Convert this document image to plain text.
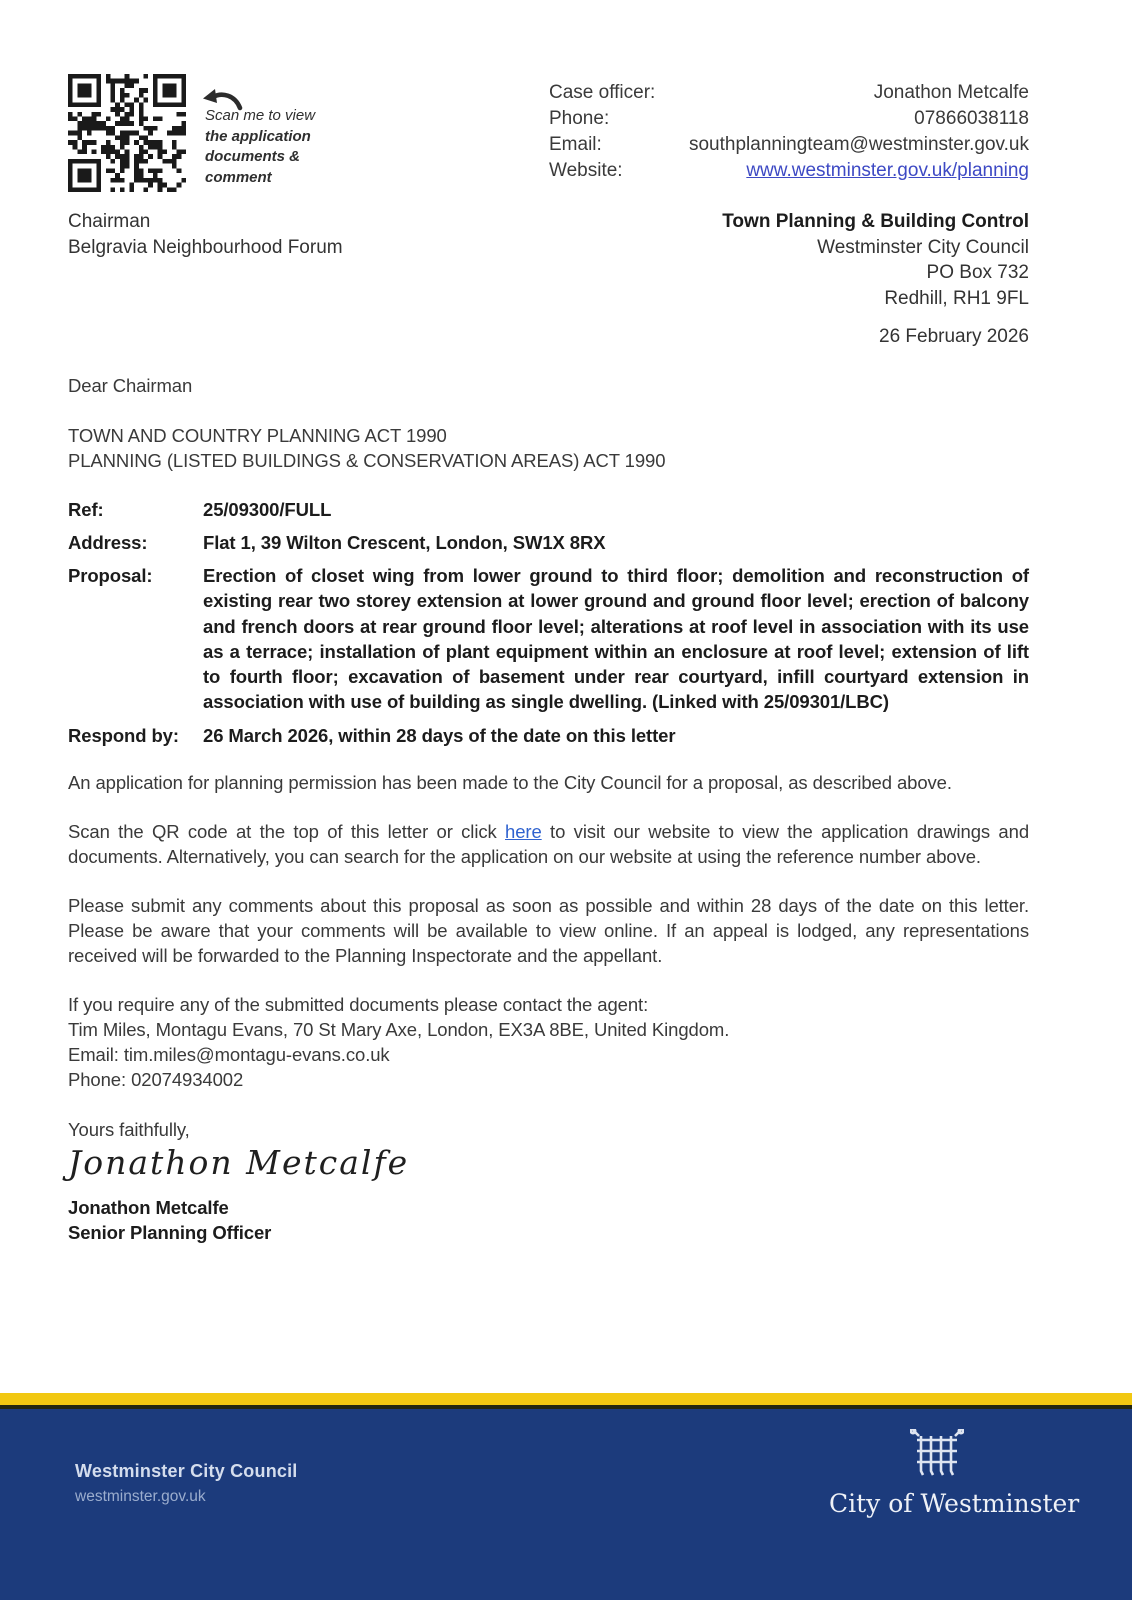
Scan me to view
the application documents & comment
Case officer:	Jonathon Metcalfe
Phone:	07866038118
Email:	southplanningteam@westminster.gov.uk
Website:	www.westminster.gov.uk/planning
Chairman
Belgravia Neighbourhood Forum
Town Planning & Building Control
Westminster City Council
PO Box 732
Redhill, RH1 9FL
26 February 2026
Dear Chairman
TOWN AND COUNTRY PLANNING ACT 1990
PLANNING (LISTED BUILDINGS & CONSERVATION AREAS) ACT 1990
Ref:	25/09300/FULL
Address:	Flat 1, 39 Wilton Crescent, London, SW1X 8RX
Proposal:	Erection of closet wing from lower ground to third floor; demolition and reconstruction of existing rear two storey extension at lower ground and ground floor level; erection of balcony and french doors at rear ground floor level; alterations at roof level in association with its use as a terrace; installation of plant equipment within an enclosure at roof level; extension of lift to fourth floor; excavation of basement under rear courtyard, infill courtyard extension in association with use of building as single dwelling. (Linked with 25/09301/LBC)
Respond by:	26 March 2026, within 28 days of the date on this letter
An application for planning permission has been made to the City Council for a proposal, as described above.
Scan the QR code at the top of this letter or click here to visit our website to view the application drawings and documents. Alternatively, you can search for the application on our website at using the reference number above.
Please submit any comments about this proposal as soon as possible and within 28 days of the date on this letter. Please be aware that your comments will be available to view online. If an appeal is lodged, any representations received will be forwarded to the Planning Inspectorate and the appellant.
If you require any of the submitted documents please contact the agent:
Tim Miles, Montagu Evans, 70 St Mary Axe, London, EX3A 8BE, United Kingdom.
Email: tim.miles@montagu-evans.co.uk
Phone: 02074934002
Yours faithfully,
Jonathon Metcalfe
Jonathon Metcalfe
Senior Planning Officer
Westminster City Council
westminster.gov.uk	City of Westminster
